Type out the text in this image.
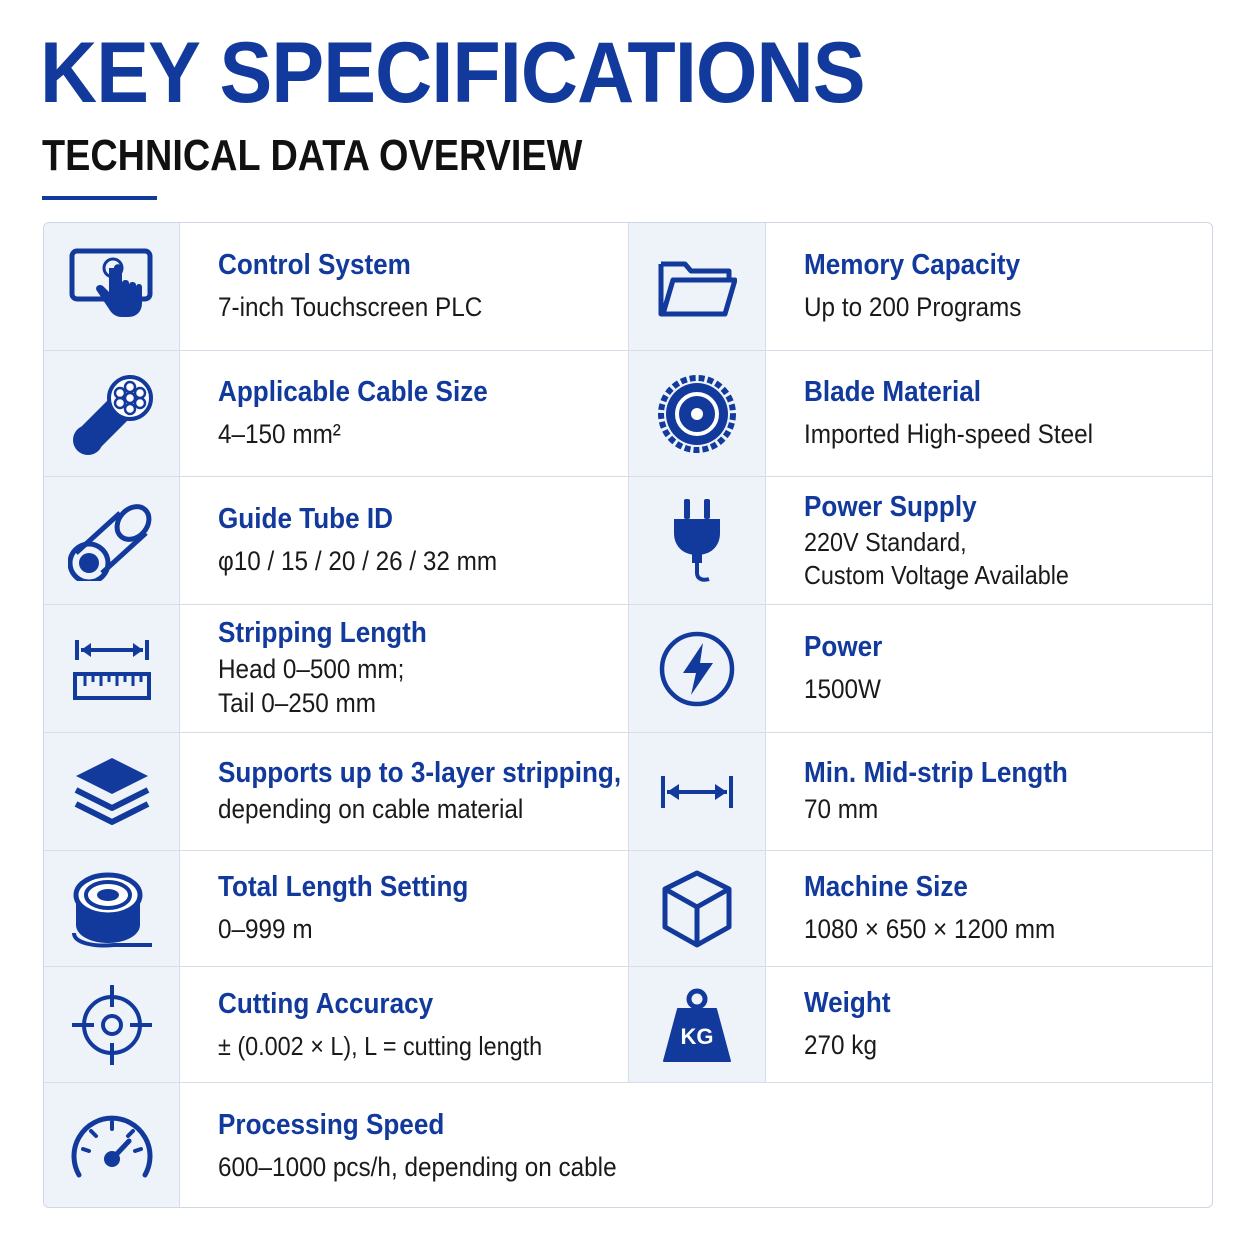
KEY SPECIFICATIONS
TECHNICAL DATA OVERVIEW
Control System
7-inch Touchscreen PLC
Memory Capacity
Up to 200 Programs
Applicable Cable Size
4–150 mm²
Blade Material
Imported High-speed Steel
Guide Tube ID
φ10 / 15 / 20 / 26 / 32 mm
Power Supply
220V Standard,
Custom Voltage Available
Stripping Length
Head 0–500 mm;
Tail 0–250 mm
Power
1500W
Supports up to 3-layer stripping,
depending on cable material
Min. Mid-strip Length
70 mm
Total Length Setting
0–999 m
Machine Size
1080 × 650 × 1200 mm
Cutting Accuracy
± (0.002 × L), L = cutting length	KG
Weight
270 kg
Processing Speed
600–1000 pcs/h, depending on cable
